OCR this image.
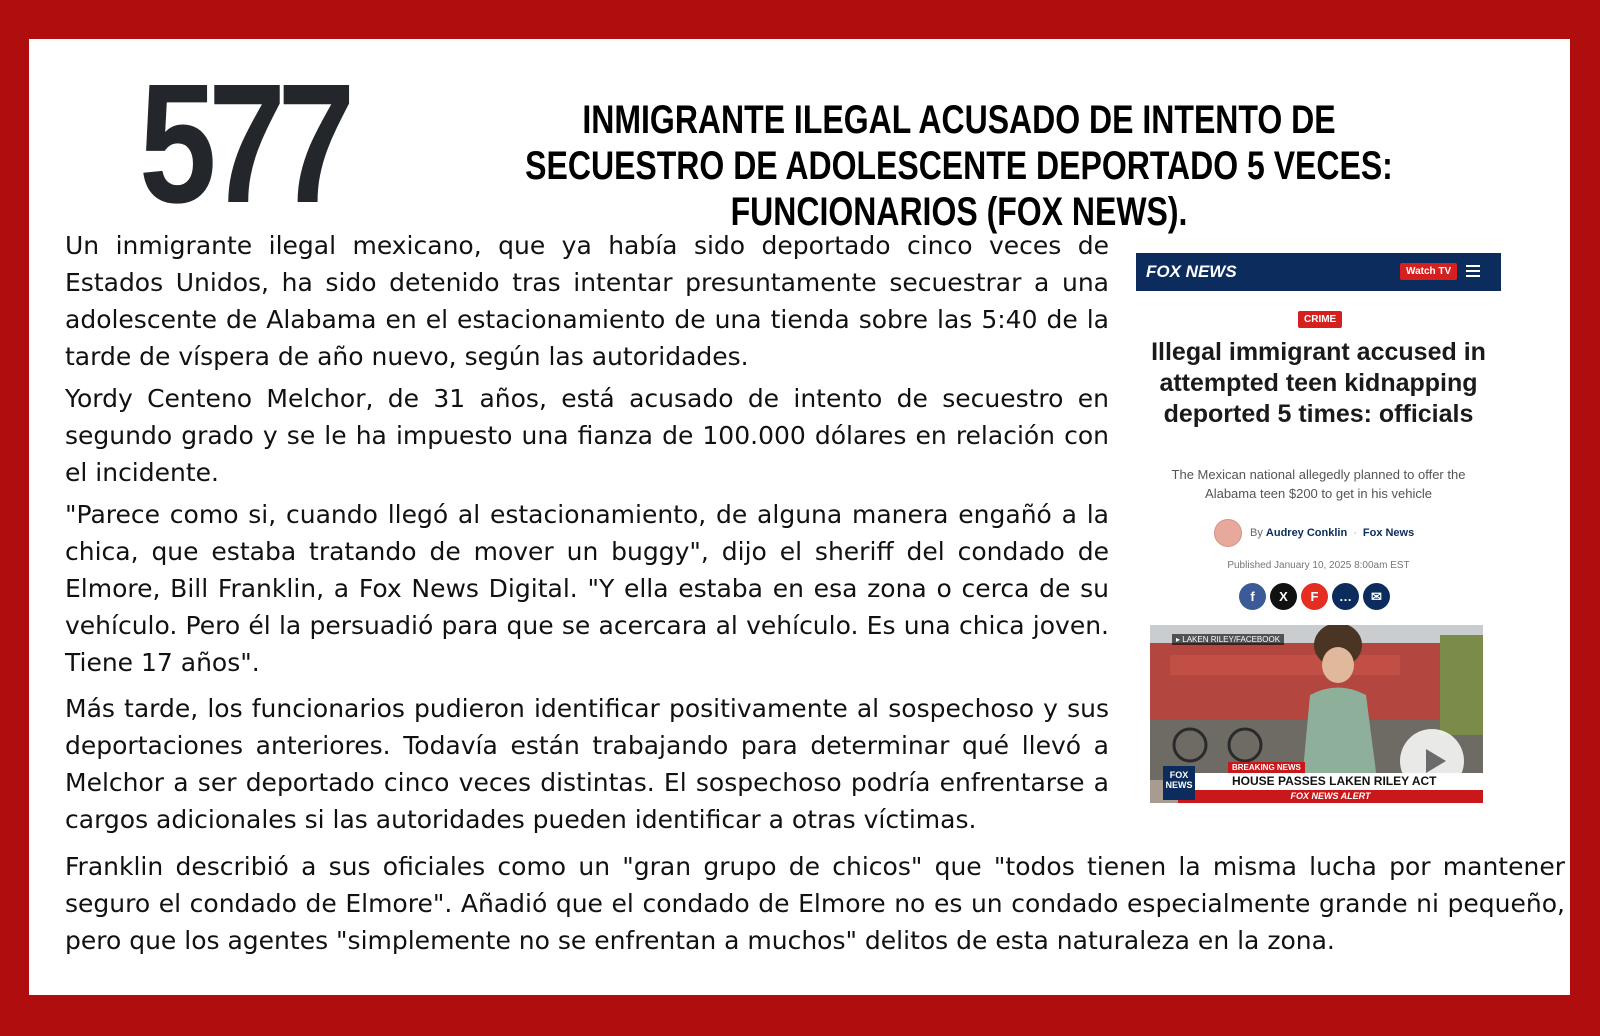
577	INMIGRANTE ILEGAL ACUSADO DE INTENTO DE SECUESTRO DE ADOLESCENTE DEPORTADO 5 VECES: FUNCIONARIOS (FOX NEWS).
Un inmigrante ilegal mexicano, que ya había sido deportado cinco veces de Estados Unidos, ha sido detenido tras intentar presuntamente secuestrar a una adolescente de Alabama en el estacionamiento de una tienda sobre las 5:40 de la tarde de víspera de año nuevo, según las autoridades.
Yordy Centeno Melchor, de 31 años, está acusado de intento de secuestro en segundo grado y se le ha impuesto una fianza de 100.000 dólares en relación con el incidente.
"Parece como si, cuando llegó al estacionamiento, de alguna manera engañó a la chica, que estaba tratando de mover un buggy", dijo el sheriff del condado de Elmore, Bill Franklin, a Fox News Digital. "Y ella estaba en esa zona o cerca de su vehículo. Pero él la persuadió para que se acercara al vehículo. Es una chica joven. Tiene 17 años".
Más tarde, los funcionarios pudieron identificar positivamente al sospechoso y sus deportaciones anteriores. Todavía están trabajando para determinar qué llevó a Melchor a ser deportado cinco veces distintas. El sospechoso podría enfrentarse a cargos adicionales si las autoridades pueden identificar a otras víctimas.
Franklin describió a sus oficiales como un "gran grupo de chicos" que "todos tienen la misma lucha por mantener seguro el condado de Elmore". Añadió que el condado de Elmore no es un condado especialmente grande ni pequeño, pero que los agentes "simplemente no se enfrentan a muchos" delitos de esta naturaleza en la zona.
FOX NEWS	Watch TV
CRIME
Illegal immigrant accused in attempted teen kidnapping deported 5 times: officials
The Mexican national allegedly planned to offer the Alabama teen $200 to get in his vehicle
By
Audrey Conklin · Fox News
Published January 10, 2025 8:00am EST
f	X	F	…	✉
▸ LAKEN RILEY/FACEBOOK
BREAKING NEWS
HOUSE PASSES LAKEN RILEY ACT
FOX NEWS ALERT
FOX
NEWS
